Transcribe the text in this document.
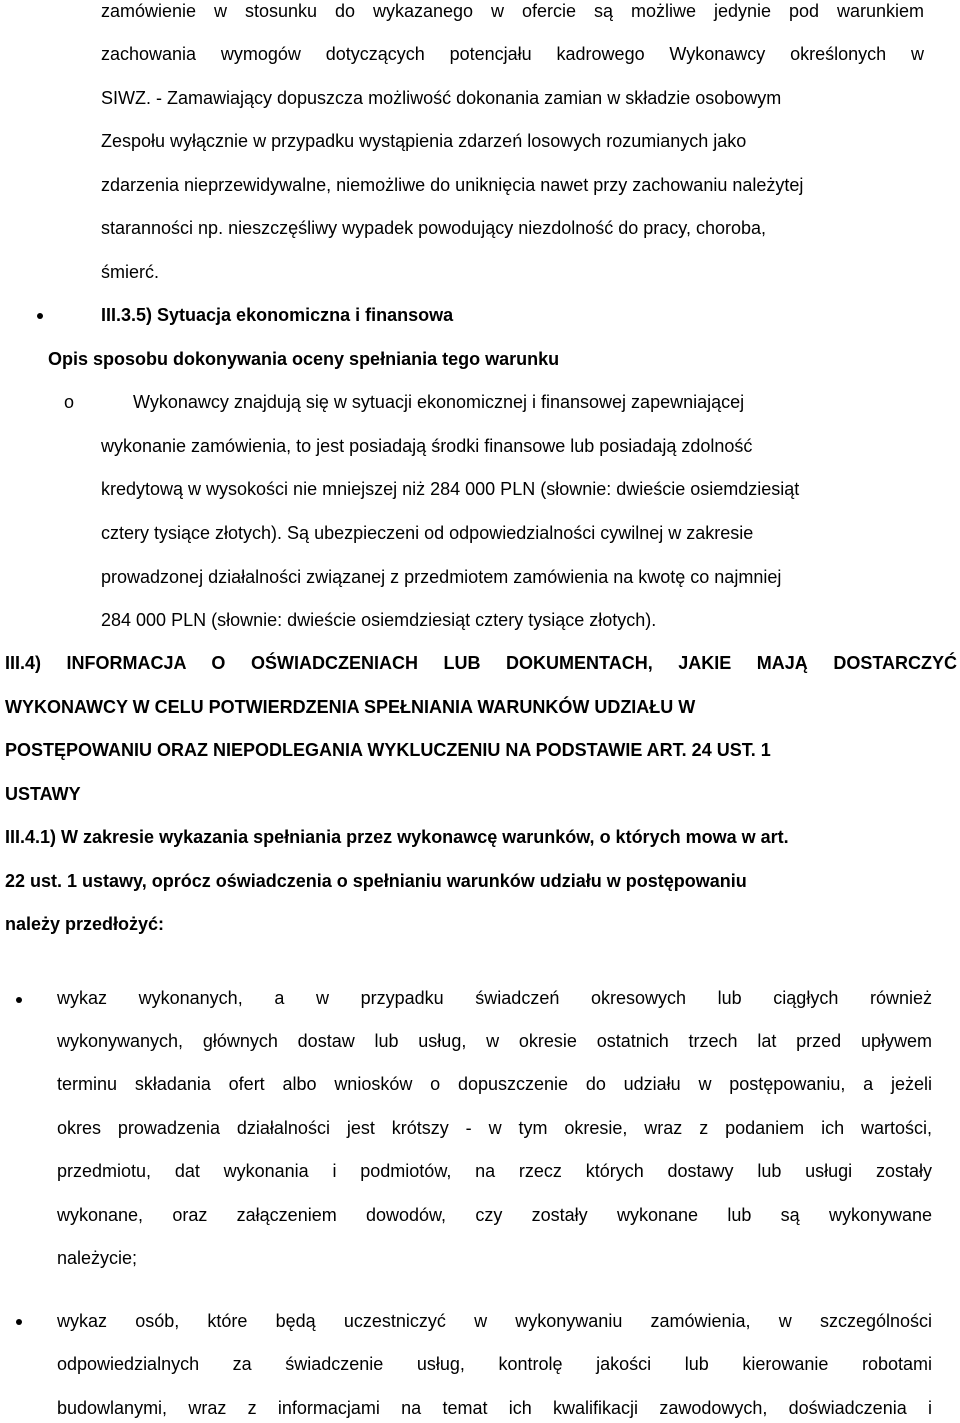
zamówienie w stosunku do wykazanego w ofercie są możliwe jedynie pod warunkiem
zachowania wymogów dotyczących potencjału kadrowego Wykonawcy określonych w
SIWZ. - Zamawiający dopuszcza możliwość dokonania zamian w składzie osobowym
Zespołu wyłącznie w przypadku wystąpienia zdarzeń losowych rozumianych jako
zdarzenia nieprzewidywalne, niemożliwe do uniknięcia nawet przy zachowaniu należytej
staranności np. nieszczęśliwy wypadek powodujący niezdolność do pracy, choroba,
śmierć.
III.3.5) Sytuacja ekonomiczna i finansowa
Opis sposobu dokonywania oceny spełniania tego warunku
o	Wykonawcy znajdują się w sytuacji ekonomicznej i finansowej zapewniającej
wykonanie zamówienia, to jest posiadają środki finansowe lub posiadają zdolność
kredytową w wysokości nie mniejszej niż 284 000 PLN (słownie: dwieście osiemdziesiąt
cztery tysiące złotych). Są ubezpieczeni od odpowiedzialności cywilnej w zakresie
prowadzonej działalności związanej z przedmiotem zamówienia na kwotę co najmniej
284 000 PLN (słownie: dwieście osiemdziesiąt cztery tysiące złotych).
III.4) INFORMACJA O OŚWIADCZENIACH LUB DOKUMENTACH, JAKIE MAJĄ DOSTARCZYĆ
WYKONAWCY W CELU POTWIERDZENIA SPEŁNIANIA WARUNKÓW UDZIAŁU W
POSTĘPOWANIU ORAZ NIEPODLEGANIA WYKLUCZENIU NA PODSTAWIE ART. 24 UST. 1
USTAWY
III.4.1) W zakresie wykazania spełniania przez wykonawcę warunków, o których mowa w art.
22 ust. 1 ustawy, oprócz oświadczenia o spełnianiu warunków udziału w postępowaniu
należy przedłożyć:
wykaz wykonanych, a w przypadku świadczeń okresowych lub ciągłych również
wykonywanych, głównych dostaw lub usług, w okresie ostatnich trzech lat przed upływem
terminu składania ofert albo wniosków o dopuszczenie do udziału w postępowaniu, a jeżeli
okres prowadzenia działalności jest krótszy - w tym okresie, wraz z podaniem ich wartości,
przedmiotu, dat wykonania i podmiotów, na rzecz których dostawy lub usługi zostały
wykonane, oraz załączeniem dowodów, czy zostały wykonane lub są wykonywane
należycie;
wykaz osób, które będą uczestniczyć w wykonywaniu zamówienia, w szczególności
odpowiedzialnych za świadczenie usług, kontrolę jakości lub kierowanie robotami
budowlanymi, wraz z informacjami na temat ich kwalifikacji zawodowych, doświadczenia i
